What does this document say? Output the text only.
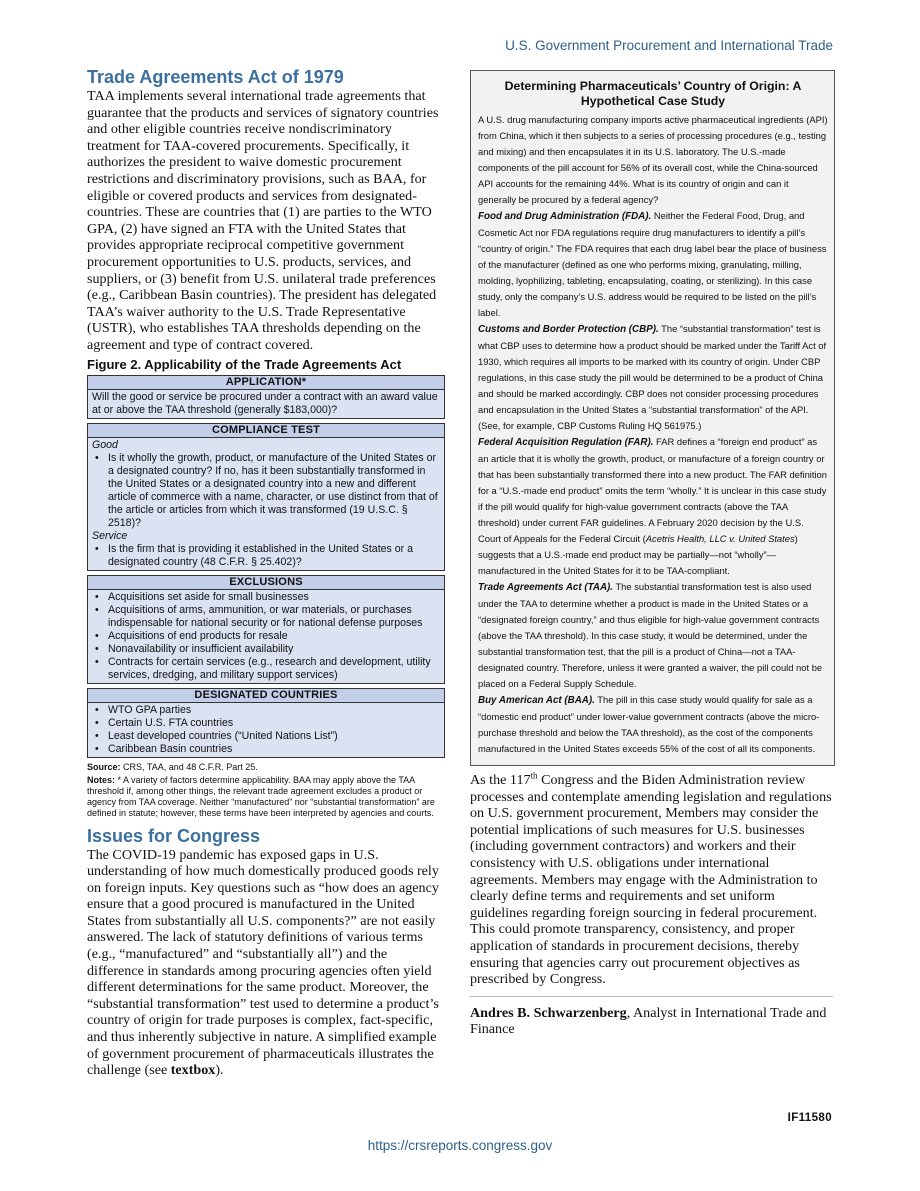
U.S. Government Procurement and International Trade
Trade Agreements Act of 1979

TAA implements several international trade agreements that guarantee that the products and services of signatory countries and other eligible countries receive nondiscriminatory treatment for TAA-covered procurements. Specifically, it authorizes the president to waive domestic procurement restrictions and discriminatory provisions, such as BAA, for eligible or covered products and services from designated-countries. These are countries that (1) are parties to the WTO GPA, (2) have signed an FTA with the United States that provides appropriate reciprocal competitive government procurement opportunities to U.S. products, services, and suppliers, or (3) benefit from U.S. unilateral trade preferences (e.g., Caribbean Basin countries). The president has delegated TAA’s waiver authority to the U.S. Trade Representative (USTR), who establishes TAA thresholds depending on the agreement and type of contract covered.

Figure 2. Applicability of the Trade Agreements Act
APPLICATION*
Will the good or service be procured under a contract with an award value at or above the TAA threshold (generally $183,000)?
COMPLIANCE TEST
Good
• Is it wholly the growth, product, or manufacture of the United States or a designated country? If no, has it been substantially transformed in the United States or a designated country into a new and different article of commerce with a name, character, or use distinct from that of the article or articles from which it was transformed (19 U.S.C. § 2518)?
Service
• Is the firm that is providing it established in the United States or a designated country (48 C.F.R. § 25.402)?
EXCLUSIONS
• Acquisitions set aside for small businesses
• Acquisitions of arms, ammunition, or war materials, or purchases indispensable for national security or for national defense purposes
• Acquisitions of end products for resale
• Nonavailability or insufficient availability
• Contracts for certain services (e.g., research and development, utility services, dredging, and military support services)
DESIGNATED COUNTRIES
• WTO GPA parties
• Certain U.S. FTA countries
• Least developed countries (“United Nations List”)
• Caribbean Basin countries

Source: CRS, TAA, and 48 C.F.R. Part 25.

Notes: * A variety of factors determine applicability. BAA may apply above the TAA threshold if, among other things, the relevant trade agreement excludes a product or agency from TAA coverage. Neither “manufactured” nor “substantial transformation” are defined in statute; however, these terms have been interpreted by agencies and courts.

Issues for Congress

The COVID-19 pandemic has exposed gaps in U.S. understanding of how much domestically produced goods rely on foreign inputs. Key questions such as “how does an agency ensure that a good procured is manufactured in the United States from substantially all U.S. components?” are not easily answered. The lack of statutory definitions of various terms (e.g., “manufactured” and “substantially all”) and the difference in standards among procuring agencies often yield different determinations for the same product. Moreover, the “substantial transformation” test used to determine a product’s country of origin for trade purposes is complex, fact-specific, and thus inherently subjective in nature. A simplified example of government procurement of pharmaceuticals illustrates the challenge (see textbox).

Determining Pharmaceuticals’ Country of Origin: A Hypothetical Case Study

A U.S. drug manufacturing company imports active pharmaceutical ingredients (API) from China, which it then subjects to a series of processing procedures (e.g., testing and mixing) and then encapsulates it in its U.S. laboratory. The U.S.-made components of the pill account for 56% of its overall cost, while the China-sourced API accounts for the remaining 44%. What is its country of origin and can it generally be procured by a federal agency?

Food and Drug Administration (FDA). Neither the Federal Food, Drug, and Cosmetic Act nor FDA regulations require drug manufacturers to identify a pill’s “country of origin.” The FDA requires that each drug label bear the place of business of the manufacturer (defined as one who performs mixing, granulating, milling, molding, lyophilizing, tableting, encapsulating, coating, or sterilizing). In this case study, only the company’s U.S. address would be required to be listed on the pill’s label.

Customs and Border Protection (CBP). The “substantial transformation” test is what CBP uses to determine how a product should be marked under the Tariff Act of 1930, which requires all imports to be marked with its country of origin. Under CBP regulations, in this case study the pill would be determined to be a product of China and should be marked accordingly. CBP does not consider processing procedures and encapsulation in the United States a “substantial transformation” of the API. (See, for example, CBP Customs Ruling HQ 561975.)

Federal Acquisition Regulation (FAR). FAR defines a “foreign end product” as an article that it is wholly the growth, product, or manufacture of a foreign country or that has been substantially transformed there into a new product. The FAR definition for a “U.S.-made end product” omits the term “wholly.” It is unclear in this case study if the pill would qualify for high-value government contracts (above the TAA threshold) under current FAR guidelines. A February 2020 decision by the U.S. Court of Appeals for the Federal Circuit (Acetris Health, LLC v. United States) suggests that a U.S.-made end product may be partially—not “wholly”—manufactured in the United States for it to be TAA-compliant.

Trade Agreements Act (TAA). The substantial transformation test is also used under the TAA to determine whether a product is made in the United States or a “designated foreign country,” and thus eligible for high-value government contracts (above the TAA threshold). In this case study, it would be determined, under the substantial transformation test, that the pill is a product of China—not a TAA-designated country. Therefore, unless it were granted a waiver, the pill could not be placed on a Federal Supply Schedule.

Buy American Act (BAA). The pill in this case study would qualify for sale as a “domestic end product” under lower-value government contracts (above the micro-purchase threshold and below the TAA threshold), as the cost of the components manufactured in the United States exceeds 55% of the cost of all its components.

As the 117th Congress and the Biden Administration review processes and contemplate amending legislation and regulations on U.S. government procurement, Members may consider the potential implications of such measures for U.S. businesses (including government contractors) and workers and their consistency with U.S. obligations under international agreements. Members may engage with the Administration to clearly define terms and requirements and set uniform guidelines regarding foreign sourcing in federal procurement. This could promote transparency, consistency, and proper application of standards in procurement decisions, thereby ensuring that agencies carry out procurement objectives as prescribed by Congress.

Andres B. Schwarzenberg, Analyst in International Trade and Finance

IF11580
https://crsreports.congress.gov
